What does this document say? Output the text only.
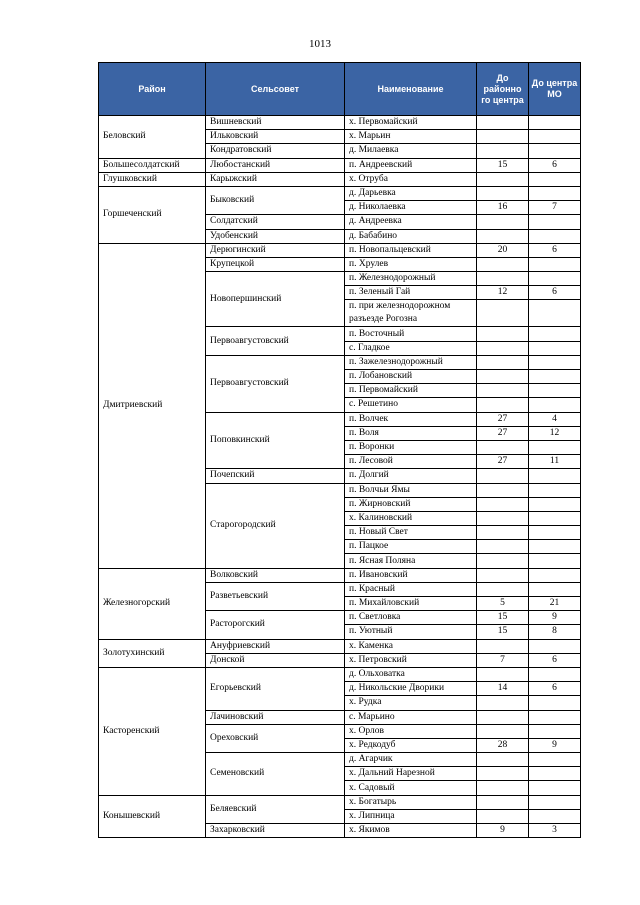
1013
Район	Сельсовет	Наименование	До районно го центра	До центра МО
Беловский	Вишневский	х. Первомайский		
	Ильковский	х. Марьин		
	Кондратовский	д. Милаевка		
Большесолдатский	Любостанский	п. Андреевский	15	6
Глушковский	Карыжский	х. Отруба		
Горшеченский	Быковский	д. Дарьевка		
		д. Николаевка	16	7
	Солдатский	д. Андреевка		
	Удобенский	д. Бабабино		
Дмитриевский	Дерюгинский	п. Новопальцевский	20	6
	Крупецкой	п. Хрулев		
	Новопершинский	п. Железнодорожный		
		п. Зеленый Гай	12	6
		п. при железнодорожном разъезде Рогозна		
	Первоавгустовский	п. Восточный		
		с. Гладкое		
	Первоавгустовский	п. Зажелезнодорожный		
		п. Лобановский		
		п. Первомайский		
		с. Решетино		
	Поповкинский	п. Волчек	27	4
		п. Воля	27	12
		п. Воронки		
		п. Лесовой	27	11
	Почепский	п. Долгий		
	Старогородский	п. Волчьи Ямы		
		п. Жирновский		
		х. Калиновский		
		п. Новый Свет		
		п. Пацкое		
		п. Ясная Поляна		
Железногорский	Волковский	п. Ивановский		
	Разветьевский	п. Красный		
		п. Михайловский	5	21
	Расторогский	п. Светловка	15	9
		п. Уютный	15	8
Золотухинский	Ануфриевский	х. Каменка		
	Донской	х. Петровский	7	6
Касторенский	Егорьевский	д. Ольховатка		
		д. Никольские Дворики	14	6
		х. Рудка		
	Лачиновский	с. Марьино		
	Ореховский	х. Орлов		
		х. Редкодуб	28	9
	Семеновский	д. Агарчик		
		х. Дальний Нарезной		
		х. Садовый		
Конышевский	Беляевский	х. Богатырь		
		х. Липница		
	Захарковский	х. Якимов	9	3
